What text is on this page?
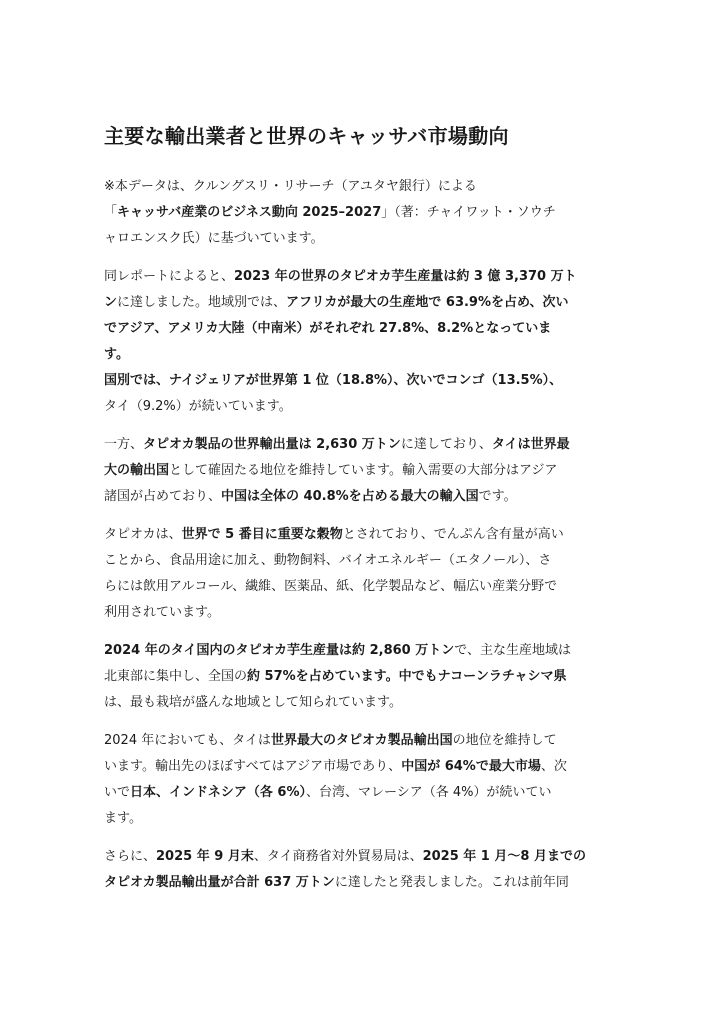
主要な輸出業者と世界のキャッサバ市場動向

※本データは、クルングスリ・リサーチ（アユタヤ銀行）による
「キャッサバ産業のビジネス動向 2025–2027」（著：チャイワット・ソウチ
ャロエンスク氏）に基づいています。

同レポートによると、2023 年の世界のタピオカ芋生産量は約 3 億 3,370 万ト
ンに達しました。地域別では、アフリカが最大の生産地で 63.9%を占め、次い
でアジア、アメリカ大陸（中南米）がそれぞれ 27.8%、8.2%となっていま
す。
国別では、ナイジェリアが世界第 1 位（18.8%）、次いでコンゴ（13.5%）、
タイ（9.2%）が続いています。

一方、タピオカ製品の世界輸出量は 2,630 万トンに達しており、タイは世界最
大の輸出国として確固たる地位を維持しています。輸入需要の大部分はアジア
諸国が占めており、中国は全体の 40.8%を占める最大の輸入国です。

タピオカは、世界で 5 番目に重要な穀物とされており、でんぷん含有量が高い
ことから、食品用途に加え、動物飼料、バイオエネルギー（エタノール）、さ
らには飲用アルコール、繊維、医薬品、紙、化学製品など、幅広い産業分野で
利用されています。

2024 年のタイ国内のタピオカ芋生産量は約 2,860 万トンで、主な生産地域は
北東部に集中し、全国の約 57%を占めています。中でもナコーンラチャシマ県
は、最も栽培が盛んな地域として知られています。

2024 年においても、タイは世界最大のタピオカ製品輸出国の地位を維持して
います。輸出先のほぼすべてはアジア市場であり、中国が 64%で最大市場、次
いで日本、インドネシア（各 6%）、台湾、マレーシア（各 4%）が続いてい
ます。

さらに、2025 年 9 月末、タイ商務省対外貿易局は、2025 年 1 月〜8 月までの
タピオカ製品輸出量が合計 637 万トンに達したと発表しました。これは前年同
